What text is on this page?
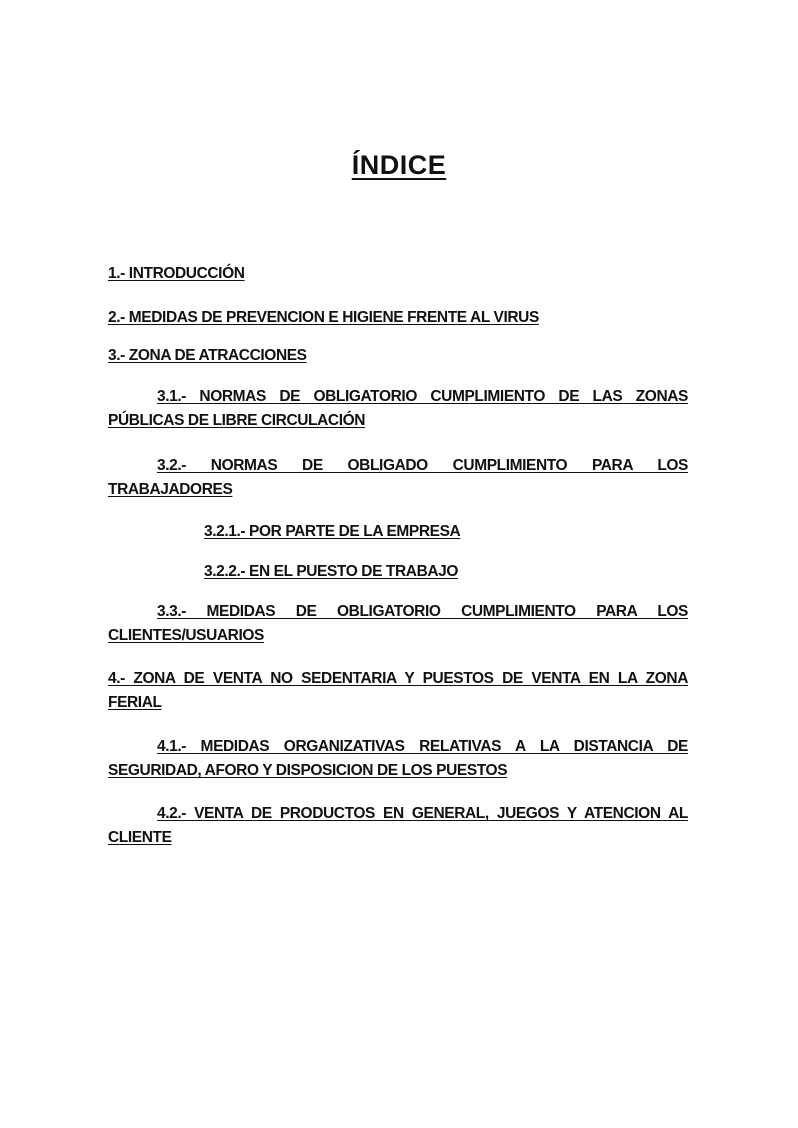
ÍNDICE
1.- INTRODUCCIÓN
2.- MEDIDAS DE PREVENCION E HIGIENE FRENTE AL VIRUS
3.- ZONA DE ATRACCIONES
3.1.- NORMAS DE OBLIGATORIO CUMPLIMIENTO DE LAS ZONAS PÚBLICAS DE LIBRE CIRCULACIÓN
3.2.- NORMAS DE OBLIGADO CUMPLIMIENTO PARA LOS TRABAJADORES
3.2.1.- POR PARTE DE LA EMPRESA
3.2.2.- EN EL PUESTO DE TRABAJO
3.3.- MEDIDAS DE OBLIGATORIO CUMPLIMIENTO PARA LOS CLIENTES/USUARIOS
4.- ZONA DE VENTA NO SEDENTARIA Y PUESTOS DE VENTA EN LA ZONA FERIAL
4.1.- MEDIDAS ORGANIZATIVAS RELATIVAS A LA DISTANCIA DE SEGURIDAD, AFORO Y DISPOSICION DE LOS PUESTOS
4.2.- VENTA DE PRODUCTOS EN GENERAL, JUEGOS Y ATENCION AL CLIENTE
